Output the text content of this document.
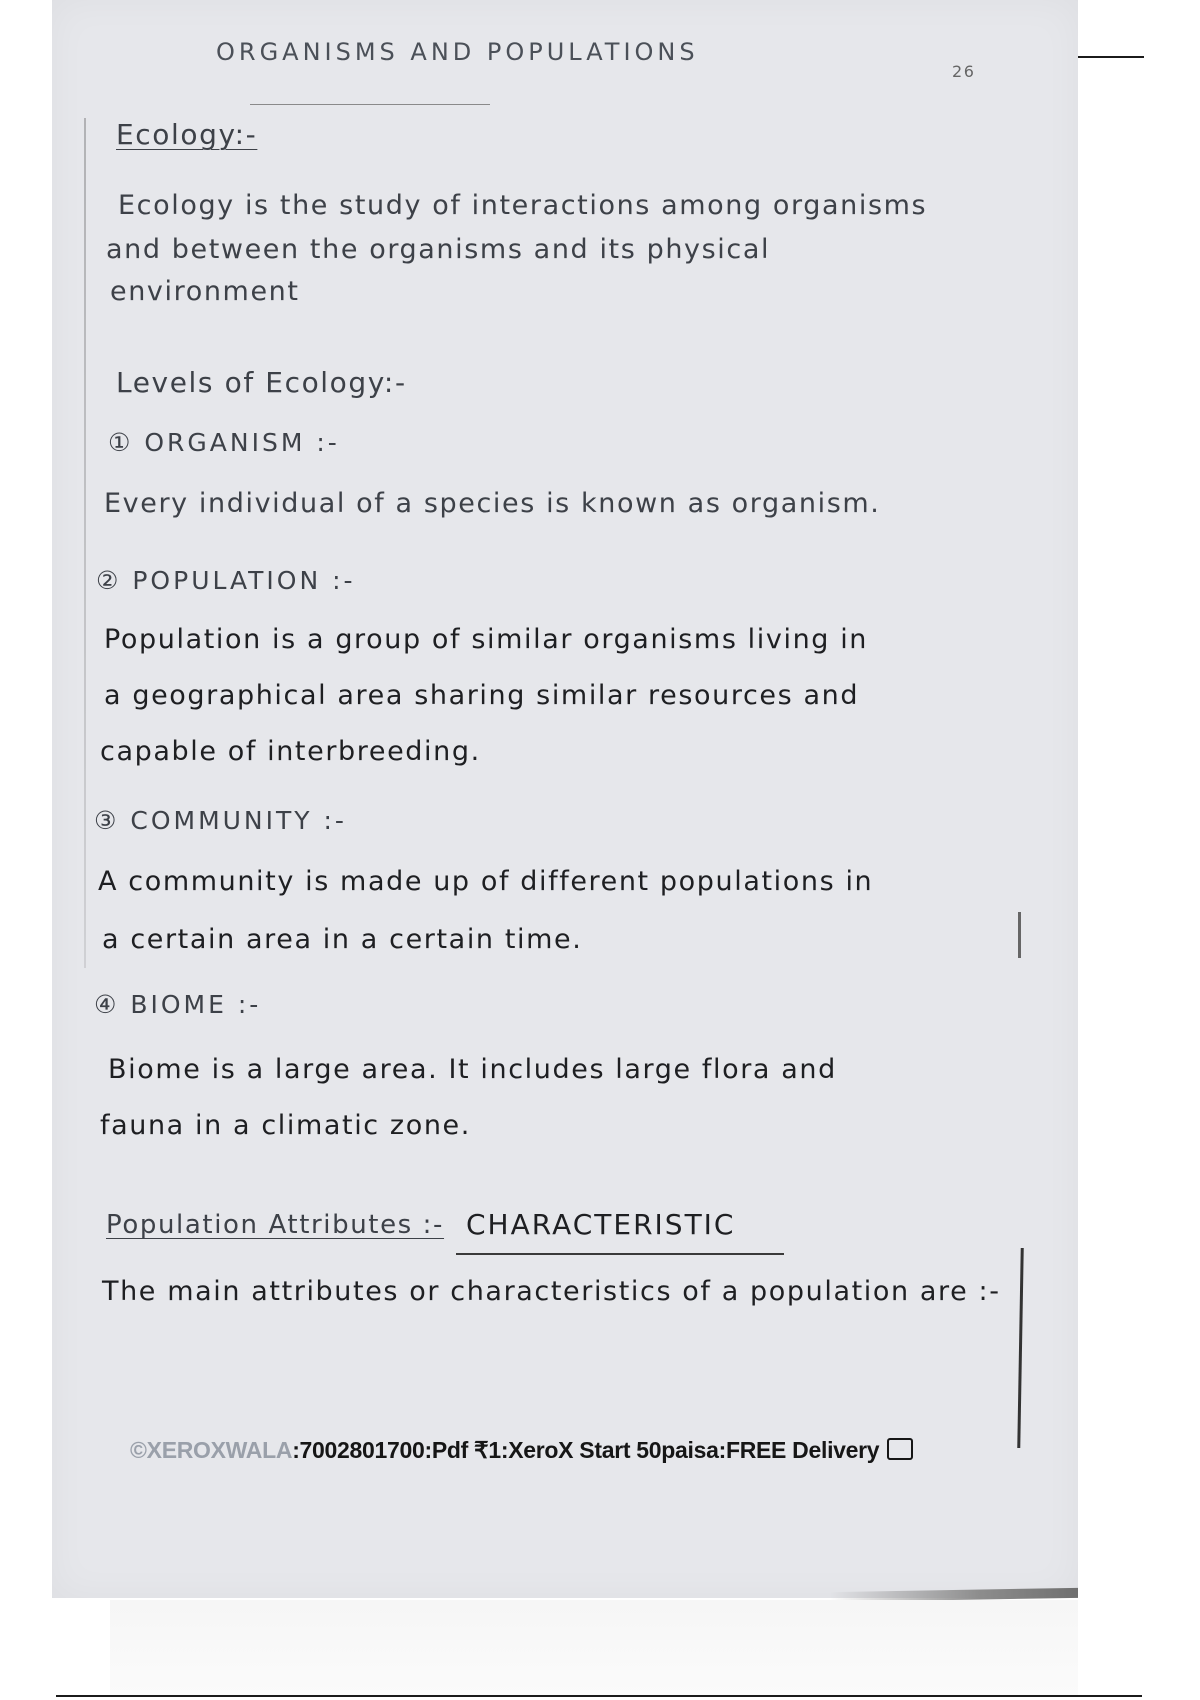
ORGANISMS AND POPULATIONS
26
Ecology:-
Ecology is the study of interactions among organisms
and between the organisms and its physical
environment
Levels of Ecology:-
① ORGANISM :-
Every individual of a species is known as organism.
② POPULATION :-
Population is a group of similar organisms living in
a geographical area sharing similar resources and
capable of interbreeding.
③ COMMUNITY :-
A community is made up of different populations in
a certain area in a certain time.
④ BIOME :-
Biome is a large area. It includes large flora and
fauna in a climatic zone.
Population Attributes :- CHARACTERISTIC
The main attributes or characteristics of a population are :-
©XEROXWALA:7002801700:Pdf ₹1:XeroX Start 50paisa:FREE Delivery
